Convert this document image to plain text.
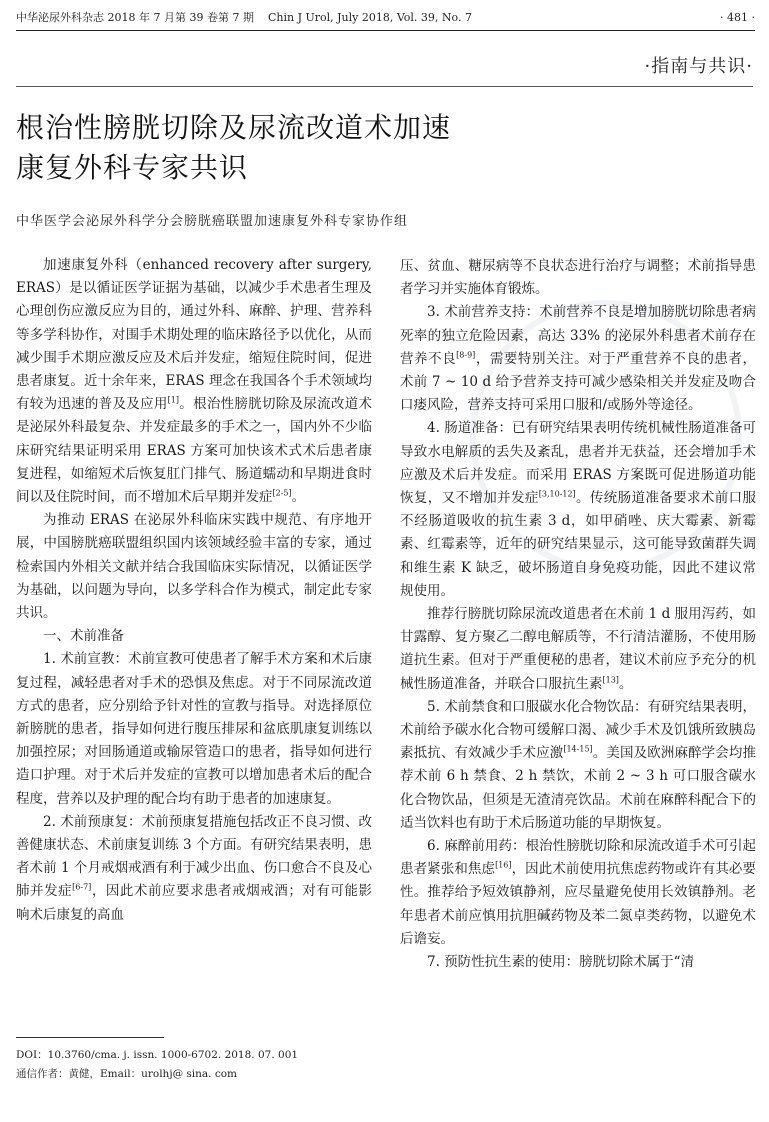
中华泌尿外科杂志 2018 年 7 月第 39 卷第 7 期 Chin J Urol, July 2018, Vol. 39, No. 7	· 481 ·
·指南与共识·
根治性膀胱切除及尿流改道术加速
康复外科专家共识
中华医学会泌尿外科学分会膀胱癌联盟加速康复外科专家协作组

加速康复外科（enhanced recovery after surgery, ERAS）是以循证医学证据为基础，以减少手术患者生理及心理创伤应激反应为目的，通过外科、麻醉、护理、营养科等多学科协作，对围手术期处理的临床路径予以优化，从而减少围手术期应激反应及术后并发症，缩短住院时间，促进患者康复。近十余年来，ERAS 理念在我国各个手术领域均有较为迅速的普及及应用[1]。根治性膀胱切除及尿流改道术是泌尿外科最复杂、并发症最多的手术之一，国内外不少临床研究结果证明采用 ERAS 方案可加快该术式术后患者康复进程，如缩短术后恢复肛门排气、肠道蠕动和早期进食时间以及住院时间，而不增加术后早期并发症[2-5]。

为推动 ERAS 在泌尿外科临床实践中规范、有序地开展，中国膀胱癌联盟组织国内该领域经验丰富的专家，通过检索国内外相关文献并结合我国临床实际情况，以循证医学为基础，以问题为导向，以多学科合作为模式，制定此专家共识。

一、术前准备

1. 术前宣教：术前宣教可使患者了解手术方案和术后康复过程，减轻患者对手术的恐惧及焦虑。对于不同尿流改道方式的患者，应分别给予针对性的宣教与指导。对选择原位新膀胱的患者，指导如何进行腹压排尿和盆底肌康复训练以加强控尿；对回肠通道或输尿管造口的患者，指导如何进行造口护理。对于术后并发症的宣教可以增加患者术后的配合程度，营养以及护理的配合均有助于患者的加速康复。

2. 术前预康复：术前预康复措施包括改正不良习惯、改善健康状态、术前康复训练 3 个方面。有研究结果表明，患者术前 1 个月戒烟戒酒有利于减少出血、伤口愈合不良及心肺并发症[6-7]，因此术前应要求患者戒烟戒酒；对有可能影响术后康复的高血

压、贫血、糖尿病等不良状态进行治疗与调整；术前指导患者学习并实施体育锻炼。

3. 术前营养支持：术前营养不良是增加膀胱切除患者病死率的独立危险因素，高达 33% 的泌尿外科患者术前存在营养不良[8-9]，需要特别关注。对于严重营养不良的患者，术前 7 ~ 10 d 给予营养支持可减少感染相关并发症及吻合口瘘风险，营养支持可采用口服和/或肠外等途径。

4. 肠道准备：已有研究结果表明传统机械性肠道准备可导致水电解质的丢失及紊乱，患者并无获益，还会增加手术应激及术后并发症。而采用 ERAS 方案既可促进肠道功能恢复，又不增加并发症[3,10-12]。传统肠道准备要求术前口服不经肠道吸收的抗生素 3 d，如甲硝唑、庆大霉素、新霉素、红霉素等，近年的研究结果显示，这可能导致菌群失调和维生素 K 缺乏，破坏肠道自身免疫功能，因此不建议常规使用。

推荐行膀胱切除尿流改道患者在术前 1 d 服用泻药，如甘露醇、复方聚乙二醇电解质等，不行清洁灌肠，不使用肠道抗生素。但对于严重便秘的患者，建议术前应予充分的机械性肠道准备，并联合口服抗生素[13]。

5. 术前禁食和口服碳水化合物饮品：有研究结果表明，术前给予碳水化合物可缓解口渴、减少手术及饥饿所致胰岛素抵抗、有效减少手术应激[14-15]。美国及欧洲麻醉学会均推荐术前 6 h 禁食、2 h 禁饮，术前 2 ~ 3 h 可口服含碳水化合物饮品，但须是无渣清亮饮品。术前在麻醉科配合下的适当饮料也有助于术后肠道功能的早期恢复。

6. 麻醉前用药：根治性膀胱切除和尿流改道手术可引起患者紧张和焦虑[16]，因此术前使用抗焦虑药物或许有其必要性。推荐给予短效镇静剂，应尽量避免使用长效镇静剂。老年患者术前应慎用抗胆碱药物及苯二氮卓类药物，以避免术后谵妄。

7. 预防性抗生素的使用：膀胱切除术属于“清

DOI：10.3760/cma. j. issn. 1000-6702. 2018. 07. 001
通信作者：黄健，Email：urolhj@ sina. com
